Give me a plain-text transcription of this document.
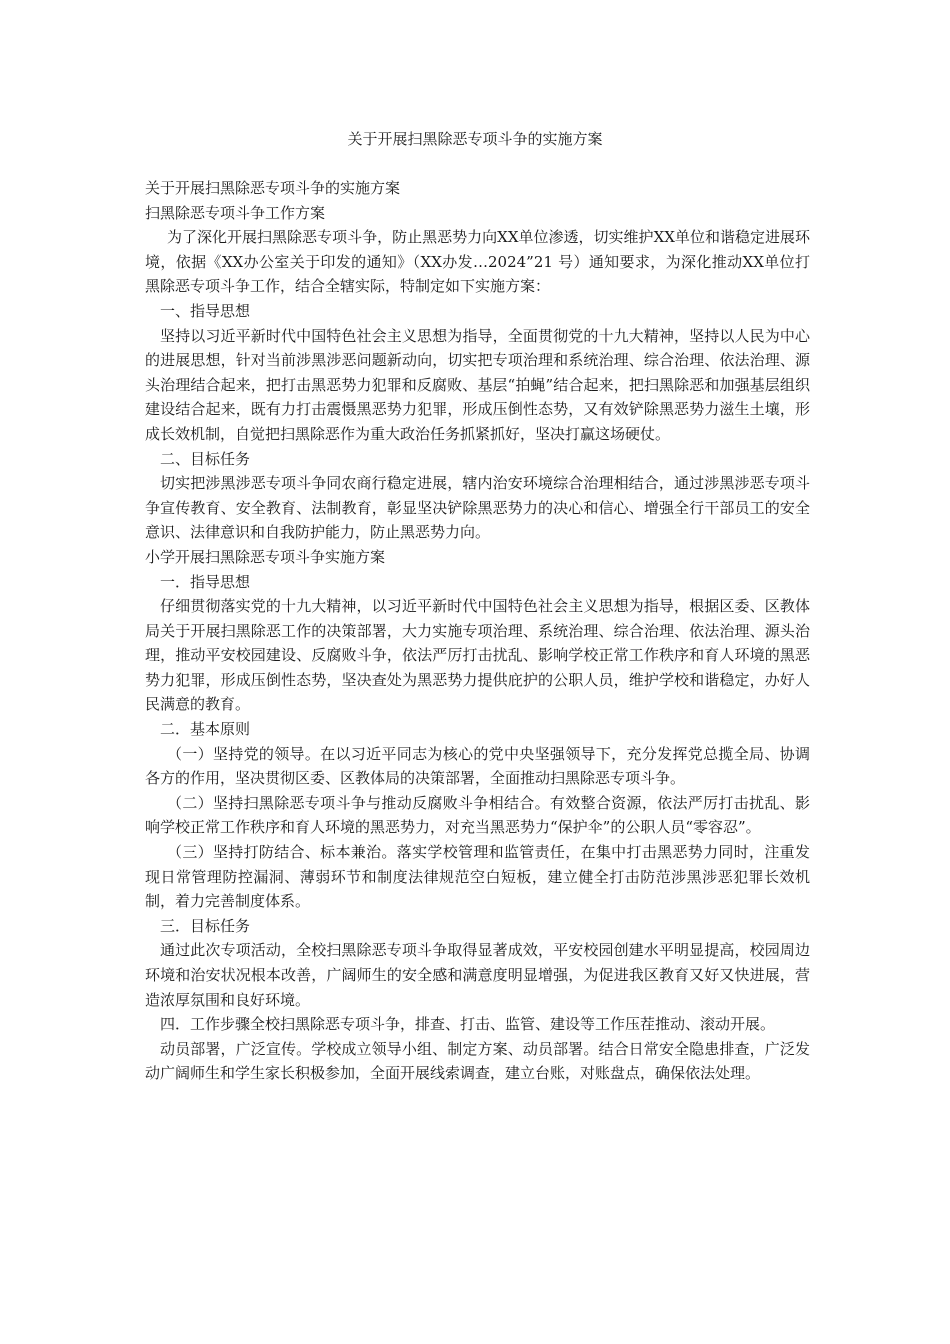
关于开展扫黑除恶专项斗争的实施方案

关于开展扫黑除恶专项斗争的实施方案

扫黑除恶专项斗争工作方案

为了深化开展扫黑除恶专项斗争，防止黑恶势力向XX单位渗透，切实维护XX单位和谐稳定进展环境，依据《XX办公室关于印发的通知》（XX办发…2024”21 号）通知要求，为深化推动XX单位打黑除恶专项斗争工作，结合全辖实际，特制定如下实施方案：

一、指导思想

坚持以习近平新时代中国特色社会主义思想为指导，全面贯彻党的十九大精神，坚持以人民为中心的进展思想，针对当前涉黑涉恶问题新动向，切实把专项治理和系统治理、综合治理、依法治理、源头治理结合起来，把打击黑恶势力犯罪和反腐败、基层“拍蝇”结合起来，把扫黑除恶和加强基层组织建设结合起来，既有力打击震慑黑恶势力犯罪，形成压倒性态势，又有效铲除黑恶势力滋生土壤，形成长效机制，自觉把扫黑除恶作为重大政治任务抓紧抓好，坚决打赢这场硬仗。

二、目标任务

切实把涉黑涉恶专项斗争同农商行稳定进展，辖内治安环境综合治理相结合，通过涉黑涉恶专项斗争宣传教育、安全教育、法制教育，彰显坚决铲除黑恶势力的决心和信心、增强全行干部员工的安全意识、法律意识和自我防护能力，防止黑恶势力向。

小学开展扫黑除恶专项斗争实施方案

一．指导思想

仔细贯彻落实党的十九大精神，以习近平新时代中国特色社会主义思想为指导，根据区委、区教体局关于开展扫黑除恶工作的决策部署，大力实施专项治理、系统治理、综合治理、依法治理、源头治理，推动平安校园建设、反腐败斗争，依法严厉打击扰乱、影响学校正常工作秩序和育人环境的黑恶势力犯罪，形成压倒性态势，坚决查处为黑恶势力提供庇护的公职人员，维护学校和谐稳定，办好人民满意的教育。

二．基本原则

（一）坚持党的领导。在以习近平同志为核心的党中央坚强领导下，充分发挥党总揽全局、协调各方的作用，坚决贯彻区委、区教体局的决策部署，全面推动扫黑除恶专项斗争。

（二）坚持扫黑除恶专项斗争与推动反腐败斗争相结合。有效整合资源，依法严厉打击扰乱、影响学校正常工作秩序和育人环境的黑恶势力，对充当黑恶势力“保护伞”的公职人员“零容忍”。

（三）坚持打防结合、标本兼治。落实学校管理和监管责任，在集中打击黑恶势力同时，注重发现日常管理防控漏洞、薄弱环节和制度法律规范空白短板，建立健全打击防范涉黑涉恶犯罪长效机制，着力完善制度体系。

三．目标任务

通过此次专项活动，全校扫黑除恶专项斗争取得显著成效，平安校园创建水平明显提高，校园周边环境和治安状况根本改善，广阔师生的安全感和满意度明显增强，为促进我区教育又好又快进展，营造浓厚氛围和良好环境。

四．工作步骤全校扫黑除恶专项斗争，排查、打击、监管、建设等工作压茬推动、滚动开展。

动员部署，广泛宣传。学校成立领导小组、制定方案、动员部署。结合日常安全隐患排查，广泛发动广阔师生和学生家长积极参加，全面开展线索调查，建立台账，对账盘点，确保依法处理。
